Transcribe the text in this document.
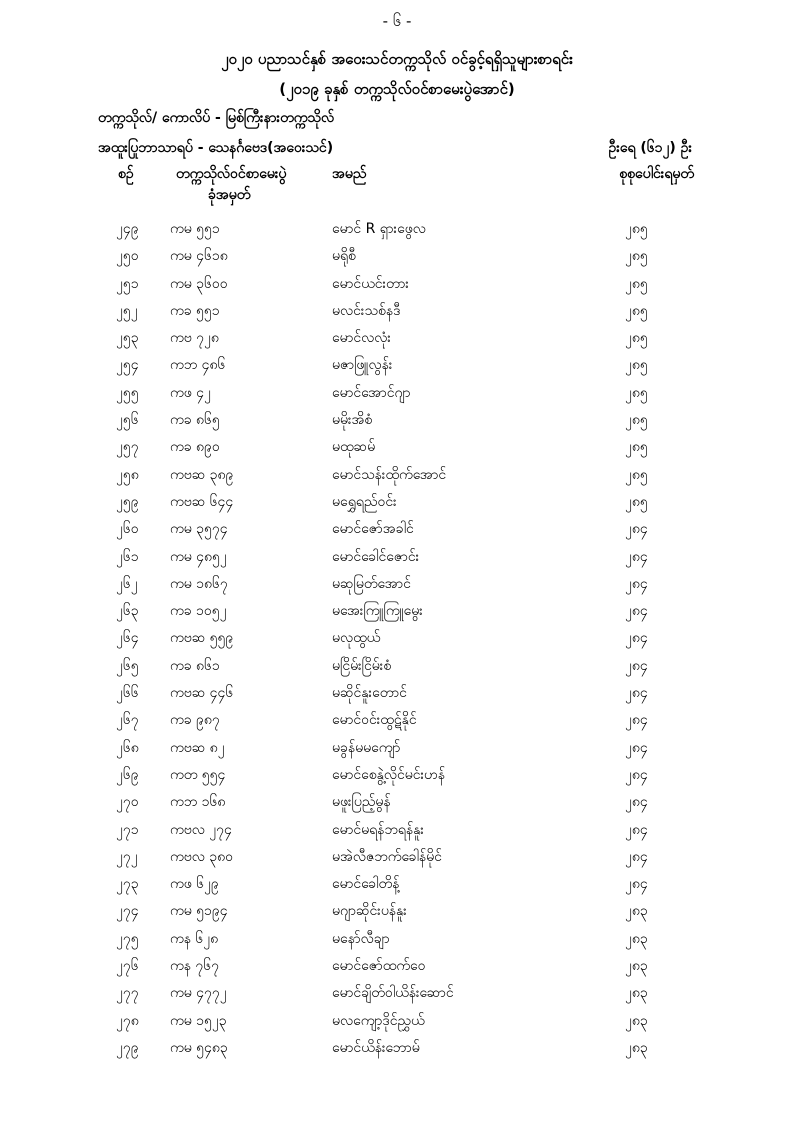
- ၆ -
၂၀၂၀ ပညာသင်နှစ် အဝေးသင်တက္ကသိုလ် ဝင်ခွင့်ရရှိသူများစာရင်း
(၂၀၁၉ ခုနှစ် တက္ကသိုလ်ဝင်စာမေးပွဲအောင်)
တက္ကသိုလ်/ ကောလိပ် - မြစ်ကြီးနားတက္ကသိုလ်
အထူးပြုဘာသာရပ် - သေနင်္ဂဗေဒ(အဝေးသင်)	ဦးရေ (၆၁၂) ဦး
စဉ်	တက္ကသိုလ်ဝင်စာမေးပွဲ
ခုံအမှတ်
အမည်	စုစုပေါင်းရမှတ်
၂၄၉ ကမ ၅၅၁	မောင် R ရှားဖွေလ	၂၈၅
၂၅၀ ကမ ၄၆၁၈	မရိုစီ	၂၈၅
၂၅၁ ကမ ၃၆၀၀	မောင်ယင်းတား	၂၈၅
၂၅၂ ကခ ၅၅၁	မလင်းသစ်နဒီ	၂၈၅
၂၅၃ ကဗ ၇၂၈	မောင်လလုံး	၂၈၅
၂၅၄ ကဘ ၄၈၆	မဇာဖြူလွန်း	၂၈၅
၂၅၅ ကဖ ၄၂	မောင်အောင်ဂျာ	၂၈၅
၂၅၆ ကခ ၈၆၅	မမိုးအိစံ	၂၈၅
၂၅၇ ကခ ၈၉၀	မထုဆမ်	၂၈၅
၂၅၈ ကဗဆ ၃၈၉	မောင်သန်းထိုက်အောင်	၂၈၅
၂၅၉ ကဗဆ ၆၄၄	မရွှေရည်ဝင်း	၂၈၅
၂၆၀ ကမ ၃၅၇၄	မောင်ဇော်အခါင်	၂၈၄
၂၆၁ ကမ ၄၈၅၂	မောင်ခေါင်ဇောင်း	၂၈၄
၂၆၂ ကမ ၁၈၆၇	မဆုမြတ်အောင်	၂၈၄
၂၆၃ ကခ ၁၀၅၂	မအေးကြူကြူမွေး	၂၈၄
၂၆၄ ကဗဆ ၅၅၉	မလုထွယ်	၂၈၄
၂၆၅ ကခ ၈၆၁	မငြိမ်းငြိမ်းစံ	၂၈၄
၂၆၆ ကဗဆ ၄၄၆	မဆိုင်နူးတောင်	၂၈၄
၂၆၇ ကခ ၉၈၇	မောင်ဝင်းထွဋ်နိုင်	၂၈၄
၂၆၈ ကဗဆ ၈၂	မခွန်မမကျော်	၂၈၄
၂၆၉ ကတ ၅၅၄	မောင်စေနွဲ့လိုင်မင်းဟန်	၂၈၄
၂၇၀ ကဘ ၁၆၈	မဖူးပြည့်မွန်	၂၈၄
၂၇၁ ကဗလ ၂၇၄	မောင်မရန်ဘရန်နူး	၂၈၄
၂၇၂ ကဗလ ၃၈၀	မအဲလီဇဘက်ခေါန်မိုင်	၂၈၄
၂၇၃ ကဖ ၆၂၉	မောင်ခေါတိန့်	၂၈၄
၂၇၄ ကမ ၅၁၉၄	မဂျာဆိုင်းပန်နူး	၂၈၃
၂၇၅ ကန ၆၂၈	မနော်လီချာ	၂၈၃
၂၇၆ ကန ၇၆၇	မောင်ဇော်ထက်ဝေ	၂၈၃
၂၇၇ ကမ ၄၇၇၂	မောင်ချိတ်ဝါယိန်းဆောင်	၂၈၃
၂၇၈ ကမ ၁၅၂၃	မလကျော့ဒိုင်ညွှယ်	၂၈၃
၂၇၉ ကမ ၅၄၈၃	မောင်ယိန်းဘောမ်	၂၈၃
